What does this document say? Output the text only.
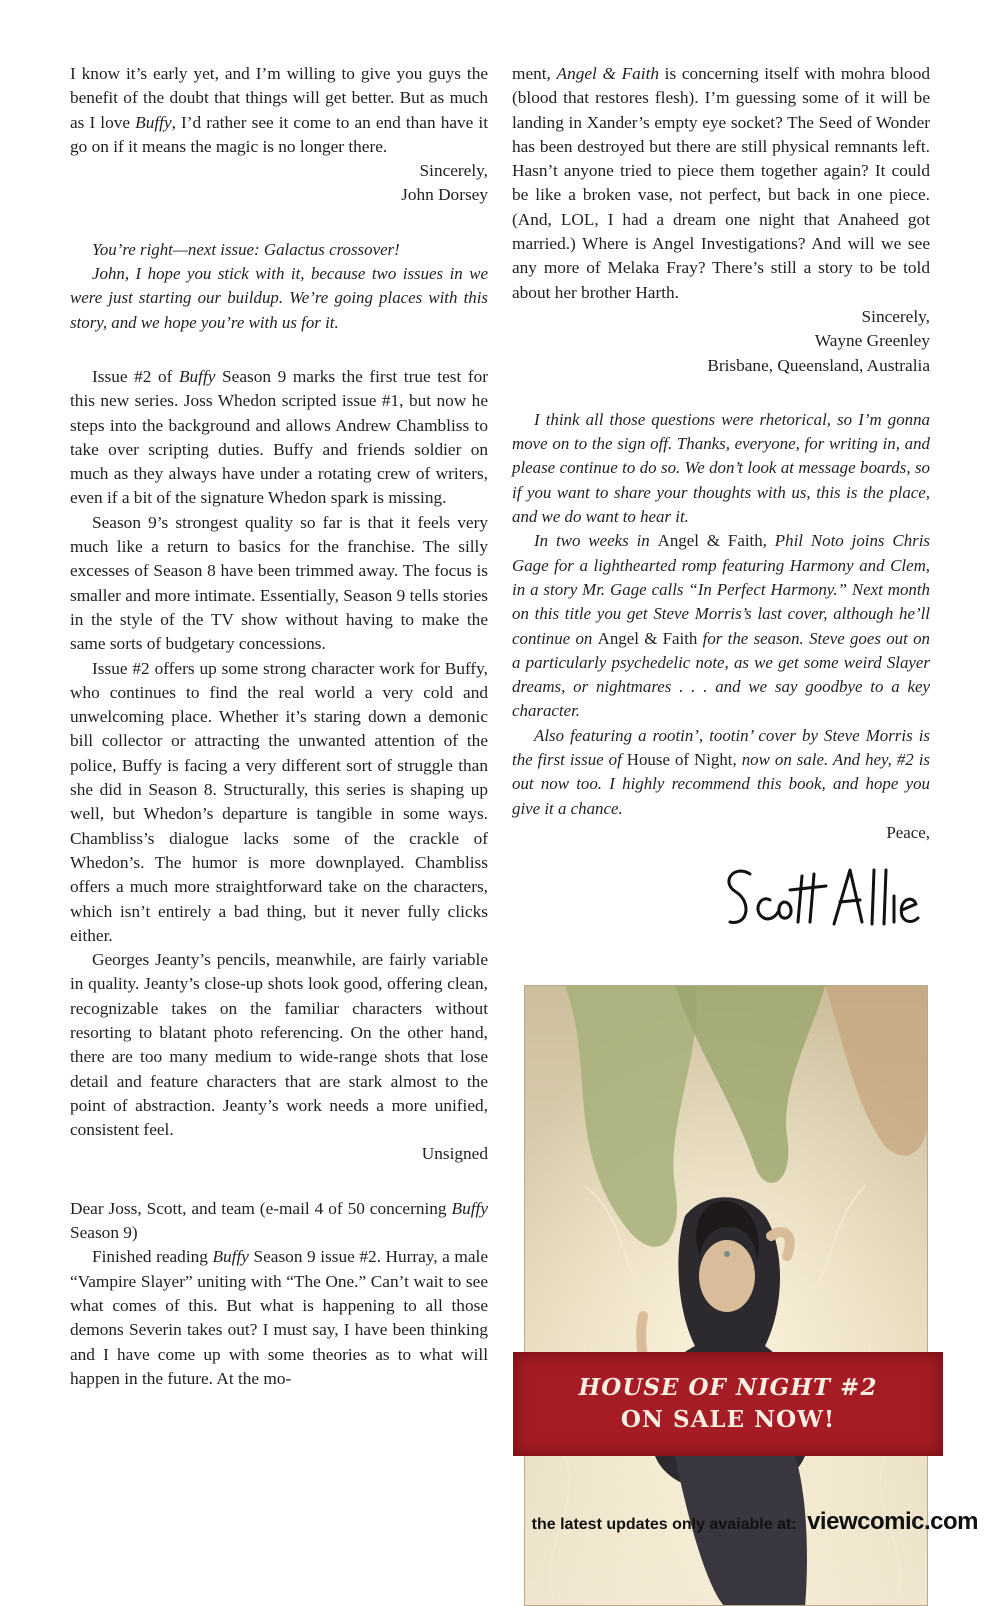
I know it’s early yet, and I’m willing to give you guys the benefit of the doubt that things will get better. But as much as I love Buffy, I’d rather see it come to an end than have it go on if it means the magic is no longer there.

Sincerely,
John Dorsey

You’re right—next issue: Galactus crossover!

John, I hope you stick with it, because two issues in we were just starting our buildup. We’re going places with this story, and we hope you’re with us for it.

Issue #2 of Buffy Season 9 marks the first true test for this new series. Joss Whedon scripted issue #1, but now he steps into the background and allows Andrew Chambliss to take over scripting duties. Buffy and friends soldier on much as they always have under a rotating crew of writers, even if a bit of the signature Whedon spark is missing.

Season 9’s strongest quality so far is that it feels very much like a return to basics for the franchise. The silly excesses of Season 8 have been trimmed away. The focus is smaller and more intimate. Essentially, Season 9 tells stories in the style of the TV show without having to make the same sorts of budgetary concessions.

Issue #2 offers up some strong character work for Buffy, who continues to find the real world a very cold and unwelcoming place. Whether it’s staring down a demonic bill collector or attracting the unwanted attention of the police, Buffy is facing a very different sort of struggle than she did in Season 8. Structurally, this series is shaping up well, but Whedon’s departure is tangible in some ways. Chambliss’s dialogue lacks some of the crackle of Whedon’s. The humor is more downplayed. Chambliss offers a much more straightforward take on the characters, which isn’t entirely a bad thing, but it never fully clicks either.

Georges Jeanty’s pencils, meanwhile, are fairly variable in quality. Jeanty’s close-up shots look good, offering clean, recognizable takes on the familiar characters without resorting to blatant photo referencing. On the other hand, there are too many medium to wide-range shots that lose detail and feature characters that are stark almost to the point of abstraction. Jeanty’s work needs a more unified, consistent feel.

Unsigned

Dear Joss, Scott, and team (e-mail 4 of 50 concerning Buffy Season 9)

Finished reading Buffy Season 9 issue #2. Hurray, a male “Vampire Slayer” uniting with “The One.” Can’t wait to see what comes of this. But what is happening to all those demons Severin takes out? I must say, I have been thinking and I have come up with some theories as to what will happen in the future. At the mo-

ment, Angel & Faith is concerning itself with mohra blood (blood that restores flesh). I’m guessing some of it will be landing in Xander’s empty eye socket? The Seed of Wonder has been destroyed but there are still physical remnants left. Hasn’t anyone tried to piece them together again? It could be like a broken vase, not perfect, but back in one piece. (And, LOL, I had a dream one night that Anaheed got married.) Where is Angel Investigations? And will we see any more of Melaka Fray? There’s still a story to be told about her brother Harth.

Sincerely,
Wayne Greenley
Brisbane, Queensland, Australia

I think all those questions were rhetorical, so I’m gonna move on to the sign off. Thanks, everyone, for writing in, and please continue to do so. We don’t look at message boards, so if you want to share your thoughts with us, this is the place, and we do want to hear it.

In two weeks in Angel & Faith, Phil Noto joins Chris Gage for a lighthearted romp featuring Harmony and Clem, in a story Mr. Gage calls “In Perfect Harmony.” Next month on this title you get Steve Morris’s last cover, although he’ll continue on Angel & Faith for the season. Steve goes out on a particularly psychedelic note, as we get some weird Slayer dreams, or nightmares . . . and we say goodbye to a key character.

Also featuring a rootin’, tootin’ cover by Steve Morris is the first issue of House of Night, now on sale. And hey, #2 is out now too. I highly recommend this book, and hope you give it a chance.

Peace,
HOUSE OF NIGHT #2
ON SALE NOW!
the latest updates only avaiable at: viewcomic.com
